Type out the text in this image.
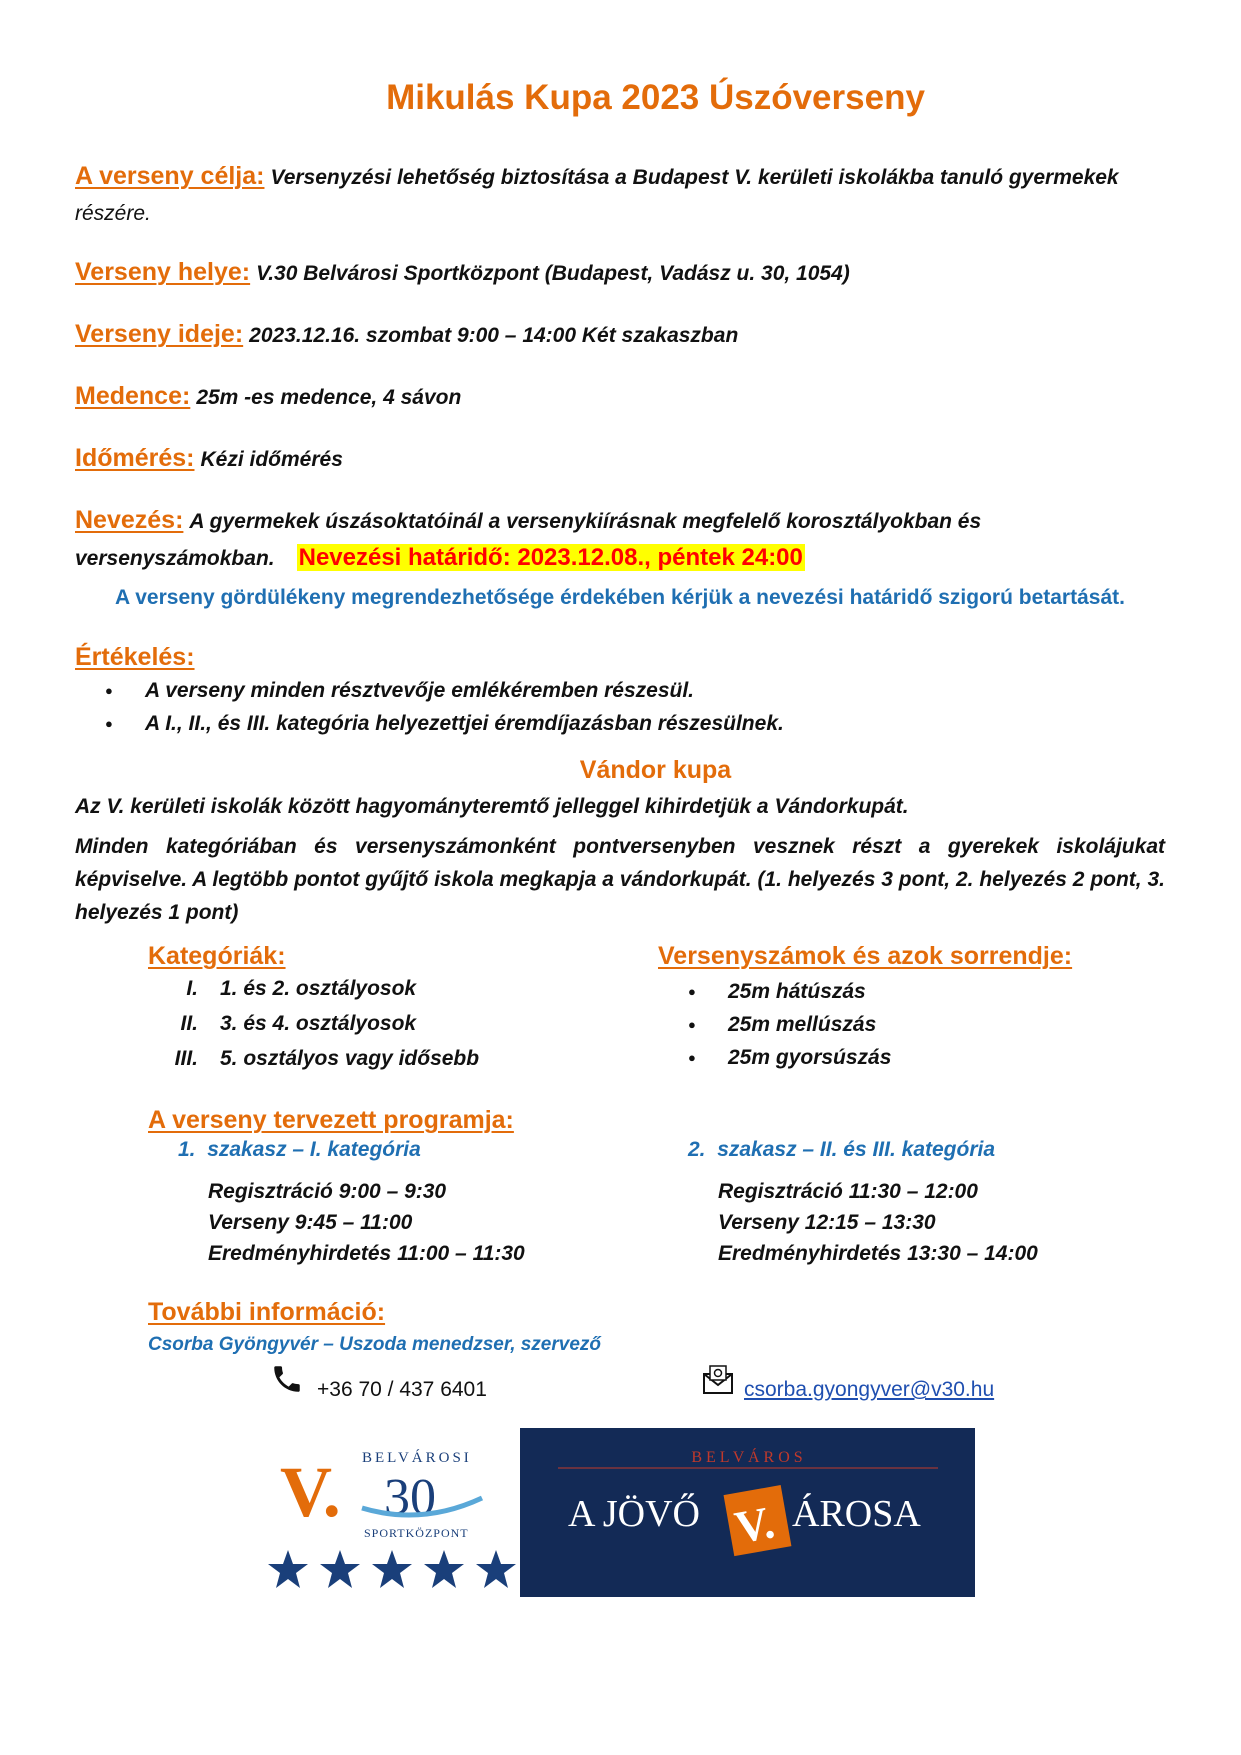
Mikulás Kupa 2023 Úszóverseny
A verseny célja: Versenyzési lehetőség biztosítása a Budapest V. kerületi iskolákba tanuló gyermekek
részére.
Verseny helye: V.30 Belvárosi Sportközpont (Budapest, Vadász u. 30, 1054)
Verseny ideje: 2023.12.16. szombat 9:00 – 14:00 Két szakaszban
Medence: 25m -es medence, 4 sávon
Időmérés: Kézi időmérés
Nevezés: A gyermekek úszásoktatóinál a versenykiírásnak megfelelő korosztályokban és
versenyszámokban. Nevezési határidő: 2023.12.08., péntek 24:00
A verseny gördülékeny megrendezhetősége érdekében kérjük a nevezési határidő szigorú betartását.
Értékelés:
● A verseny minden résztvevője emlékéremben részesül.
● A I., II., és III. kategória helyezettjei éremdíjazásban részesülnek.
Vándor kupa
Az V. kerületi iskolák között hagyományteremtő jelleggel kihirdetjük a Vándorkupát.
Minden kategóriában és versenyszámonként pontversenyben vesznek részt a gyerekek iskolájukat képviselve. A legtöbb pontot gyűjtő iskola megkapja a vándorkupát. (1. helyezés 3 pont, 2. helyezés 2 pont, 3. helyezés 1 pont)
Kategóriák:
I. 1. és 2. osztályosok
II. 3. és 4. osztályosok
III. 5. osztályos vagy idősebb
Versenyszámok és azok sorrendje:
● 25m hátúszás
● 25m mellúszás
● 25m gyorsúszás
A verseny tervezett programja:
1. szakasz – I. kategória
Regisztráció 9:00 – 9:30
Verseny 9:45 – 11:00
Eredményhirdetés 11:00 – 11:30
2. szakasz – II. és III. kategória
Regisztráció 11:30 – 12:00
Verseny 12:15 – 13:30
Eredményhirdetés 13:30 – 14:00
További információ:
Csorba Gyöngyvér – Uszoda menedzser, szervező
+36 70 / 437 6401	csorba.gyongyver@v30.hu
V. BELVÁROSI
30
SPORTKÖZPONT
B E L V Á R O S
A JÖVŐ V. ÁROSA
